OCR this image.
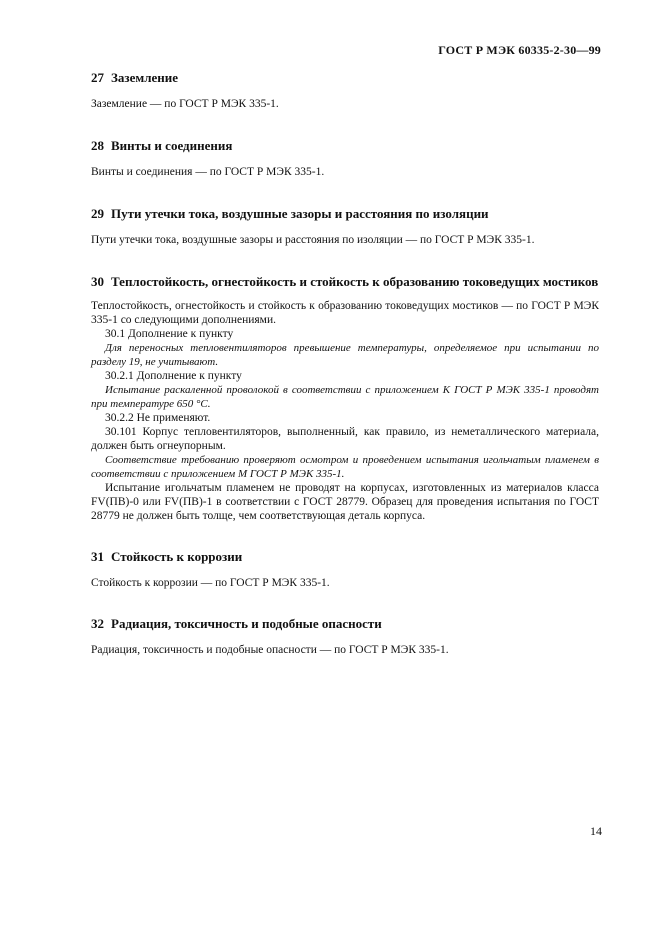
ГОСТ Р МЭК 60335-2-30—99
27 Заземление

Заземление — по ГОСТ Р МЭК 335-1.

28 Винты и соединения

Винты и соединения — по ГОСТ Р МЭК 335-1.

29 Пути утечки тока, воздушные зазоры и расстояния по изоляции

Пути утечки тока, воздушные зазоры и расстояния по изоляции — по ГОСТ Р МЭК 335-1.

30 Теплостойкость, огнестойкость и стойкость к образованию токоведущих мостиков

Теплостойкость, огнестойкость и стойкость к образованию токоведущих мостиков — по ГОСТ Р МЭК 335-1 со следующими дополнениями.

30.1 Дополнение к пункту

Для переносных тепловентиляторов превышение температуры, определяемое при испытании по разделу 19, не учитывают.

30.2.1 Дополнение к пункту

Испытание раскаленной проволокой в соответствии с приложением К ГОСТ Р МЭК 335-1 проводят при температуре 650 °С.

30.2.2 Не применяют.

30.101 Корпус тепловентиляторов, выполненный, как правило, из неметаллического материала, должен быть огнеупорным.

Соответствие требованию проверяют осмотром и проведением испытания игольчатым пламенем в соответствии с приложением М ГОСТ Р МЭК 335-1.

Испытание игольчатым пламенем не проводят на корпусах, изготовленных из материалов класса FV(ПВ)-0 или FV(ПВ)-1 в соответствии с ГОСТ 28779. Образец для проведения испытания по ГОСТ 28779 не должен быть толще, чем соответствующая деталь корпуса.

31 Стойкость к коррозии

Стойкость к коррозии — по ГОСТ Р МЭК 335-1.

32 Радиация, токсичность и подобные опасности

Радиация, токсичность и подобные опасности — по ГОСТ Р МЭК 335-1.

14
